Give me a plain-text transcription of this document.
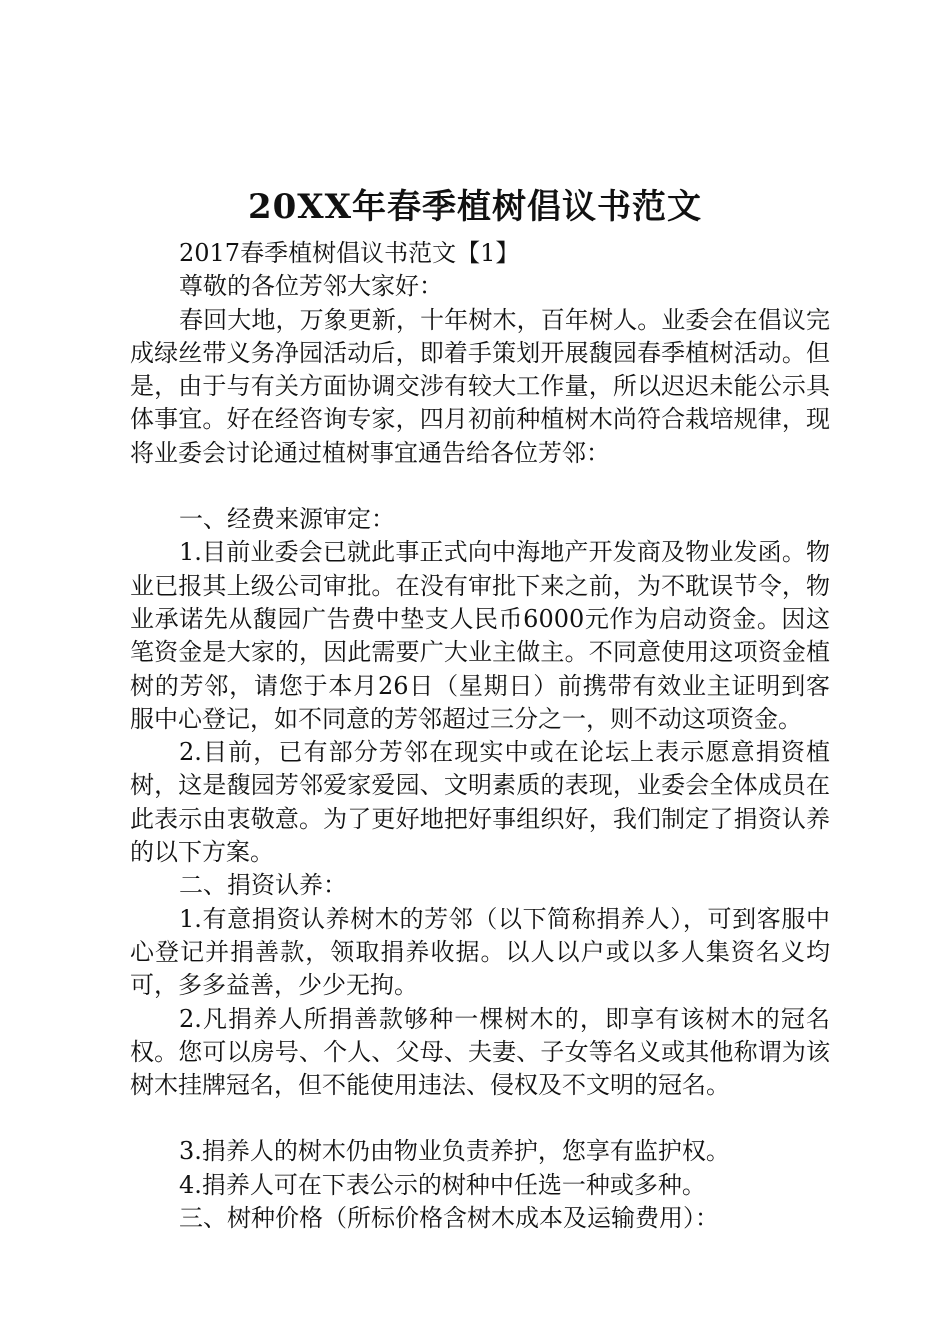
20XX年春季植树倡议书范文

2017春季植树倡议书范文【1】

尊敬的各位芳邻大家好：

春回大地，万象更新，十年树木，百年树人。业委会在倡议完成绿丝带义务净园活动后，即着手策划开展馥园春季植树活动。但是，由于与有关方面协调交涉有较大工作量，所以迟迟未能公示具体事宜。好在经咨询专家，四月初前种植树木尚符合栽培规律，现将业委会讨论通过植树事宜通告给各位芳邻：

一、经费来源审定：

1.目前业委会已就此事正式向中海地产开发商及物业发函。物业已报其上级公司审批。在没有审批下来之前，为不耽误节令，物业承诺先从馥园广告费中垫支人民币6000元作为启动资金。因这笔资金是大家的，因此需要广大业主做主。不同意使用这项资金植树的芳邻，请您于本月26日（星期日）前携带有效业主证明到客服中心登记，如不同意的芳邻超过三分之一，则不动这项资金。

2.目前，已有部分芳邻在现实中或在论坛上表示愿意捐资植树，这是馥园芳邻爱家爱园、文明素质的表现，业委会全体成员在此表示由衷敬意。为了更好地把好事组织好，我们制定了捐资认养的以下方案。

二、捐资认养：

1.有意捐资认养树木的芳邻（以下简称捐养人），可到客服中心登记并捐善款，领取捐养收据。以人以户或以多人集资名义均可，多多益善，少少无拘。

2.凡捐养人所捐善款够种一棵树木的，即享有该树木的冠名权。您可以房号、个人、父母、夫妻、子女等名义或其他称谓为该树木挂牌冠名，但不能使用违法、侵权及不文明的冠名。

3.捐养人的树木仍由物业负责养护，您享有监护权。

4.捐养人可在下表公示的树种中任选一种或多种。

三、树种价格（所标价格含树木成本及运输费用）：
